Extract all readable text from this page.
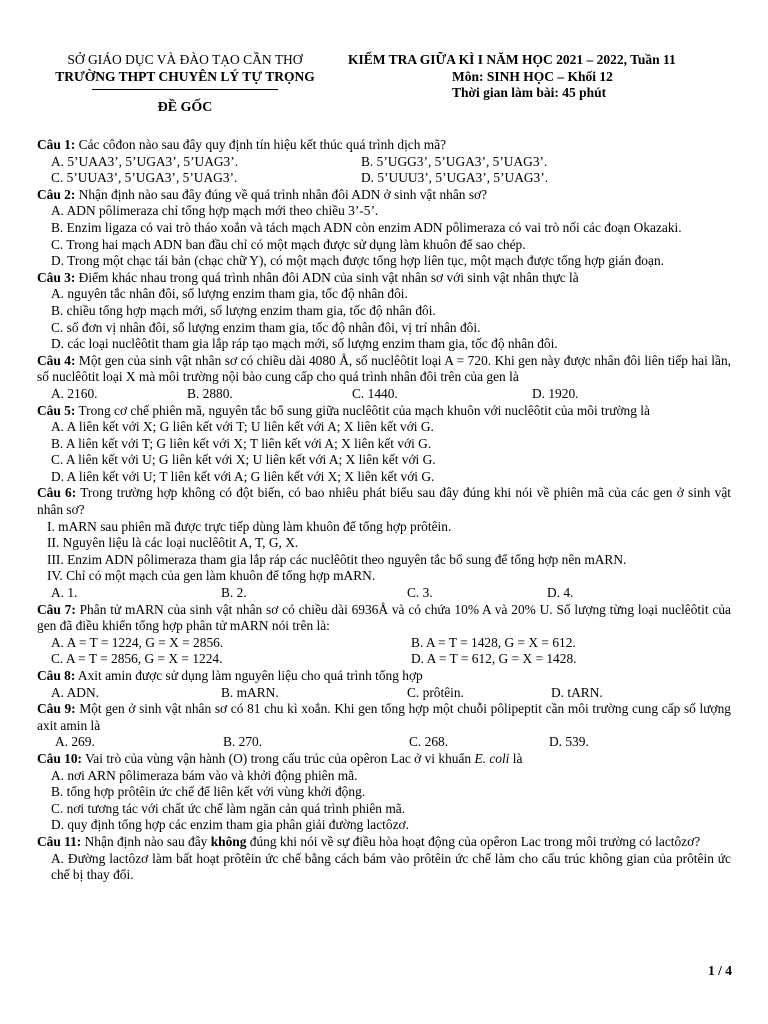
SỞ GIÁO DỤC VÀ ĐÀO TẠO CẦN THƠ
TRƯỜNG THPT CHUYÊN LÝ TỰ TRỌNG
ĐỀ GỐC
KIỂM TRA GIỮA KÌ I NĂM HỌC 2021 – 2022, Tuần 11
Môn: SINH HỌC – Khối 12
Thời gian làm bài: 45 phút
Câu 1: Các côđon nào sau đây quy định tín hiệu kết thúc quá trình dịch mã?
A. 5’UAA3’, 5’UGA3’, 5’UAG3’.	B. 5’UGG3’, 5’UGA3’, 5’UAG3’.
C. 5’UUA3’, 5’UGA3’, 5’UAG3’.	D. 5’UUU3’, 5’UGA3’, 5’UAG3’.
Câu 2: Nhận định nào sau đây đúng về quá trình nhân đôi ADN ở sinh vật nhân sơ?
A. ADN pôlimeraza chỉ tổng hợp mạch mới theo chiều 3’-5’.
B. Enzim ligaza có vai trò tháo xoắn và tách mạch ADN còn enzim ADN pôlimeraza có vai trò nối các đoạn Okazaki.
C. Trong hai mạch ADN ban đầu chỉ có một mạch được sử dụng làm khuôn để sao chép.
D. Trong một chạc tái bản (chạc chữ Y), có một mạch được tổng hợp liên tục, một mạch được tổng hợp gián đoạn.
Câu 3: Điểm khác nhau trong quá trình nhân đôi ADN của sinh vật nhân sơ với sinh vật nhân thực là
A. nguyên tắc nhân đôi, số lượng enzim tham gia, tốc độ nhân đôi.
B. chiều tổng hợp mạch mới, số lượng enzim tham gia, tốc độ nhân đôi.
C. số đơn vị nhân đôi, số lượng enzim tham gia, tốc độ nhân đôi, vị trí nhân đôi.
D. các loại nuclêôtit tham gia lắp ráp tạo mạch mới, số lượng enzim tham gia, tốc độ nhân đôi.
Câu 4: Một gen của sinh vật nhân sơ có chiều dài 4080 Å, số nuclêôtit loại A = 720. Khi gen này được nhân đôi liên tiếp hai lần, số nuclêôtit loại X mà môi trường nội bào cung cấp cho quá trình nhân đôi trên của gen là
A. 2160.	B. 2880.	C. 1440.	D. 1920.
Câu 5: Trong cơ chế phiên mã, nguyên tắc bổ sung giữa nuclêôtit của mạch khuôn với nuclêôtit của môi trường là
A. A liên kết với X; G liên kết với T; U liên kết với A; X liên kết với G.
B. A liên kết với T; G liên kết với X; T liên kết với A; X liên kết với G.
C. A liên kết với U; G liên kết với X; U liên kết với A; X liên kết với G.
D. A liên kết với U; T liên kết với A; G liên kết với X; X liên kết với G.
Câu 6: Trong trường hợp không có đột biến, có bao nhiêu phát biểu sau đây đúng khi nói về phiên mã của các gen ở sinh vật nhân sơ?
I. mARN sau phiên mã được trực tiếp dùng làm khuôn để tổng hợp prôtêin.
II. Nguyên liệu là các loại nuclêôtit A, T, G, X.
III. Enzim ADN pôlimeraza tham gia lắp ráp các nuclêôtit theo nguyên tắc bổ sung để tổng hợp nên mARN.
IV. Chỉ có một mạch của gen làm khuôn để tổng hợp mARN.
A. 1.	B. 2.	C. 3.	D. 4.
Câu 7: Phân tử mARN của sinh vật nhân sơ có chiều dài 6936Å và có chứa 10% A và 20% U. Số lượng từng loại nuclêôtit của gen đã điều khiển tổng hợp phân tử mARN nói trên là:
A. A = T = 1224, G = X = 2856.	B. A = T = 1428, G = X = 612.
C. A = T = 2856, G = X = 1224.	D. A = T = 612, G = X = 1428.
Câu 8: Axit amin được sử dụng làm nguyên liệu cho quá trình tổng hợp
A. ADN.	B. mARN.	C. prôtêin.	D. tARN.
Câu 9: Một gen ở sinh vật nhân sơ có 81 chu kì xoắn. Khi gen tổng hợp một chuỗi pôlipeptit cần môi trường cung cấp số lượng axit amin là
A. 269.	B. 270.	C. 268.	D. 539.
Câu 10: Vai trò của vùng vận hành (O) trong cấu trúc của opêron Lac ở vi khuẩn E. coli là
A. nơi ARN pôlimeraza bám vào và khởi động phiên mã.
B. tổng hợp prôtêin ức chế để liên kết với vùng khởi động.
C. nơi tương tác với chất ức chế làm ngăn cản quá trình phiên mã.
D. quy định tổng hợp các enzim tham gia phân giải đường lactôzơ.
Câu 11: Nhận định nào sau đây không đúng khi nói về sự điều hòa hoạt động của opêron Lac trong môi trường có lactôzơ?
A. Đường lactôzơ làm bất hoạt prôtêin ức chế bằng cách bám vào prôtêin ức chế làm cho cấu trúc không gian của prôtêin ức chế bị thay đổi.
1 / 4
